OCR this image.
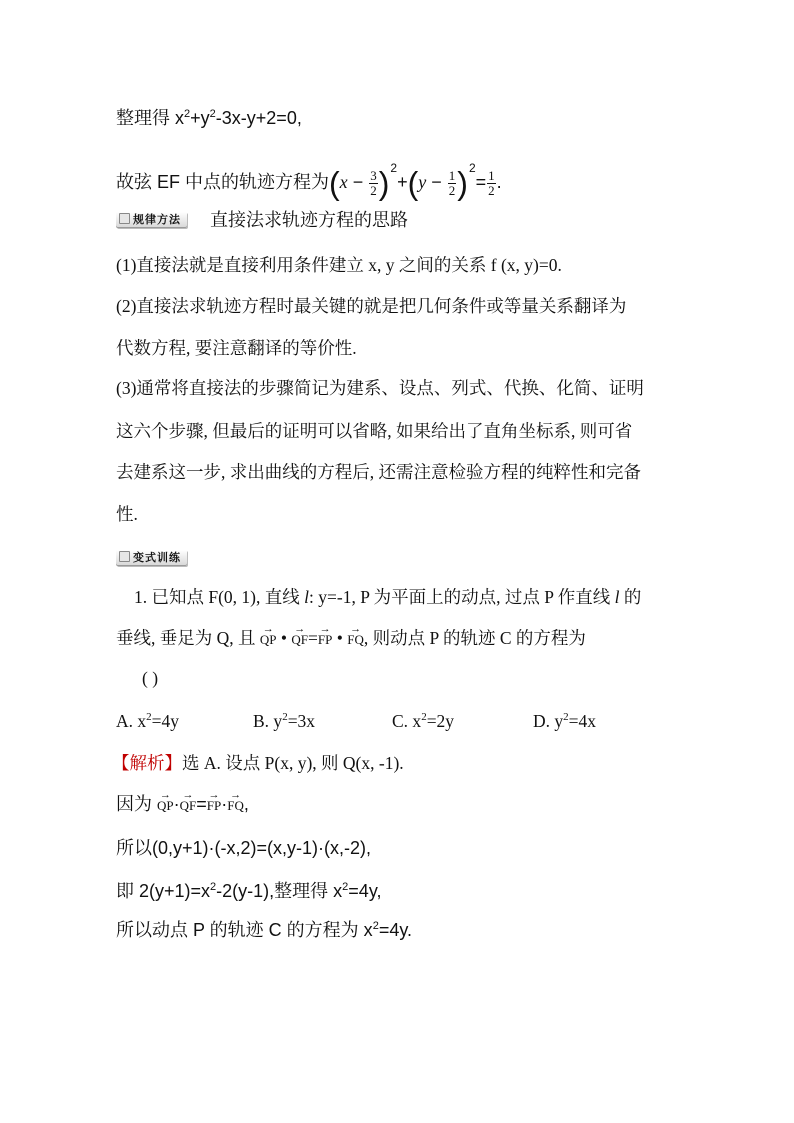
整理得 $x^2+y^2-3x-y+2=0$,
故弦 EF 中点的轨迹方程为$(x - \frac{3}{2} )^2+(y - \frac{1}{2} )^2= \frac{1}{2}$ .
规律方法	直接法求轨迹方程的思路
(1)直接法就是直接利用条件建立 x, y 之间的关系 f (x, y)=0.
(2)直接法求轨迹方程时最关键的就是把几何条件或等量关系翻译为
代数方程, 要注意翻译的等价性.
(3)通常将直接法的步骤简记为建系、设点、列式、代换、化简、证明
这六个步骤, 但最后的证明可以省略, 如果给出了直角坐标系, 则可省
去建系这一步, 求出曲线的方程后, 还需注意检验方程的纯粹性和完备
性.
变式训练
1. 已知点 F(0, 1), 直线 l: y=-1, P 为平面上的动点, 过点 P 作直线 l 的
垂线, 垂足为 Q, 且 → QP • → QF=→ FP • → FQ, 则动点 P 的轨迹 C 的方程为
( )
A. $x^2=4y$	B. $y^2=3x$	C. $x^2=2y$	D. $y^2=4x$
【解析】选 A. 设点 P(x, y), 则 Q(x, -1).
因为 → QP·→ QF=→ FP·→ FQ,
所以(0,y+1)·(-x,2)=(x,y-1)·(x,-2),
即 $2(y+1)=x^2-2(y-1)$,整理得 $x^2=4y$,
所以动点 P 的轨迹 C 的方程为 $x^2=4y$.
